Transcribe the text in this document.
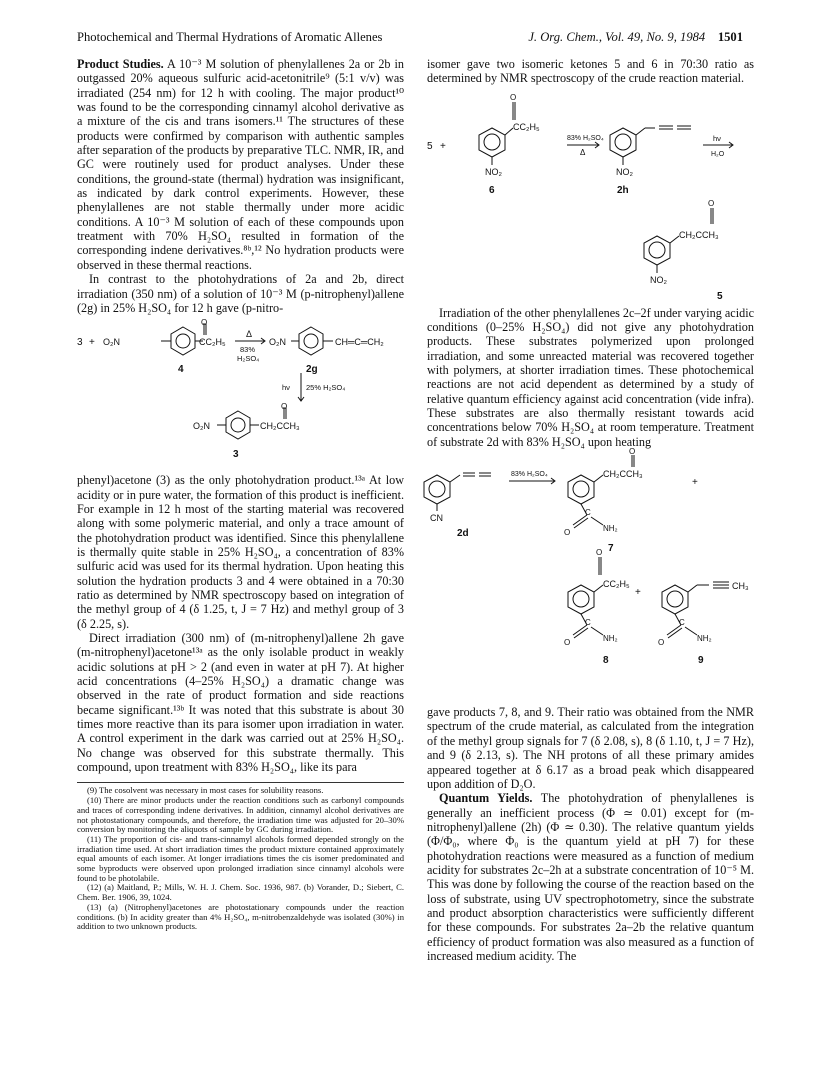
Photochemical and Thermal Hydrations of Aromatic Allenes	J. Org. Chem., Vol. 49, No. 9, 1984 1501

Product Studies. A 10⁻³ M solution of phenylallenes 2a or 2b in outgassed 20% aqueous sulfuric acid-acetonitrile⁹ (5:1 v/v) was irradiated (254 nm) for 12 h with cooling. The major product¹⁰ was found to be the corresponding cinnamyl alcohol derivative as a mixture of the cis and trans isomers.¹¹ The structures of these products were confirmed by comparison with authentic samples after separation of the products by preparative TLC. NMR, IR, and GC were routinely used for product analyses. Under these conditions, the ground-state (thermal) hydration was insignificant, as indicated by dark control experiments. However, these phenylallenes are not stable thermally under more acidic conditions. A 10⁻³ M solution of each of these compounds upon treatment with 70% H₂SO₄ resulted in formation of the corresponding indene derivatives.⁸ᵇ,¹² No hydration products were observed in these thermal reactions.

In contrast to the photohydrations of 2a and 2b, direct irradiation (350 nm) of a solution of 10⁻³ M (p-nitrophenyl)allene (2g) in 25% H₂SO₄ for 12 h gave (p-nitro-

3 + O₂N
O
CC₂H₅
Δ
83%
H₂SO₄
O₂N	CH═C═CH₂
4	2g
hν 25% H₂SO₄
O₂N
O
CH₂CCH₃
3

phenyl)acetone (3) as the only photohydration product.¹³ᵃ At low acidity or in pure water, the formation of this product is inefficient. For example in 12 h most of the starting material was recovered along with some polymeric material, and only a trace amount of the photohydration product was identified. Since this phenylallene is thermally quite stable in 25% H₂SO₄, a concentration of 83% sulfuric acid was used for its thermal hydration. Upon heating this solution the hydration products 3 and 4 were obtained in a 70:30 ratio as determined by NMR spectroscopy based on integration of the methyl group of 4 (δ 1.25, t, J = 7 Hz) and methyl group of 3 (δ 2.25, s).

Direct irradiation (300 nm) of (m-nitrophenyl)allene 2h gave (m-nitrophenyl)acetone¹³ᵃ as the only isolable product in weakly acidic solutions at pH > 2 (and even in water at pH 7). At higher acid concentrations (4–25% H₂SO₄) a dramatic change was observed in the rate of product formation and side reactions became significant.¹³ᵇ It was noted that this substrate is about 30 times more reactive than its para isomer upon irradiation in water. A control experiment in the dark was carried out at 25% H₂SO₄. No change was observed for this substrate thermally. This compound, upon treatment with 83% H₂SO₄, like its para

(9) The cosolvent was necessary in most cases for solubility reasons.
(10) There are minor products under the reaction conditions such as carbonyl compounds and traces of corresponding indene derivatives. In addition, cinnamyl alcohol derivatives are not photostationary compounds, and therefore, the irradiation time was adjusted for 20–30% conversion by monitoring the aliquots of sample by GC during irradiation.
(11) The proportion of cis- and trans-cinnamyl alcohols formed depended strongly on the irradiation time used. At short irradiation times the product mixture contained approximately equal amounts of each isomer. At longer irradiations times the cis isomer predominated and some byproducts were observed upon prolonged irradiation since cinnamyl alcohols were found to be photolabile.
(12) (a) Maitland, P.; Mills, W. H. J. Chem. Soc. 1936, 987. (b) Vorander, D.; Siebert, C. Chem. Ber. 1906, 39, 1024.
(13) (a) (Nitrophenyl)acetones are photostationary compounds under the reaction conditions. (b) In acidity greater than 4% H₂SO₄, m-nitrobenzaldehyde was isolated (30%) in addition to two unknown products.

isomer gave two isomeric ketones 5 and 6 in 70:30 ratio as determined by NMR spectroscopy of the crude reaction material.

5 +
O
CC₂H₅
NO₂
83% H₂SO₄
Δ
hν
H₂O
NO₂
6	2h
O
CH₂CCH₃
NO₂
5

Irradiation of the other phenylallenes 2c–2f under varying acidic conditions (0–25% H₂SO₄) did not give any photohydration products. These substrates polymerized upon prolonged irradiation, and some unreacted material was recovered together with polymers, at shorter irradiation times. These photochemical reactions are not acid dependent as determined by a study of relative quantum efficiency against acid concentration (vide infra). These substrates are also thermally resistant towards acid concentrations below 70% H₂SO₄ at room temperature. Treatment of substrate 2d with 83% H₂SO₄ upon heating

83% H₂SO₄
CN
2d
O
CH₂CCH₃
+
C
O	NH₂
7
O
CC₂H₅
+
CH₃
C
O	NH₂
C
O	NH₂
8	9

gave products 7, 8, and 9. Their ratio was obtained from the NMR spectrum of the crude material, as calculated from the integration of the methyl group signals for 7 (δ 2.08, s), 8 (δ 1.10, t, J = 7 Hz), and 9 (δ 2.13, s). The NH protons of all these primary amides appeared together at δ 6.17 as a broad peak which disappeared upon addition of D₂O.

Quantum Yields. The photohydration of phenylallenes is generally an inefficient process (Φ ≃ 0.01) except for (m-nitrophenyl)allene (2h) (Φ ≃ 0.30). The relative quantum yields (Φ/Φ₀, where Φ₀ is the quantum yield at pH 7) for these photohydration reactions were measured as a function of medium acidity for substrates 2c–2h at a substrate concentration of 10⁻⁵ M. This was done by following the course of the reaction based on the loss of substrate, using UV spectrophotometry, since the substrate and product absorption characteristics were sufficiently different for these compounds. For substrates 2a–2b the relative quantum efficiency of product formation was also measured as a function of increased medium acidity. The
